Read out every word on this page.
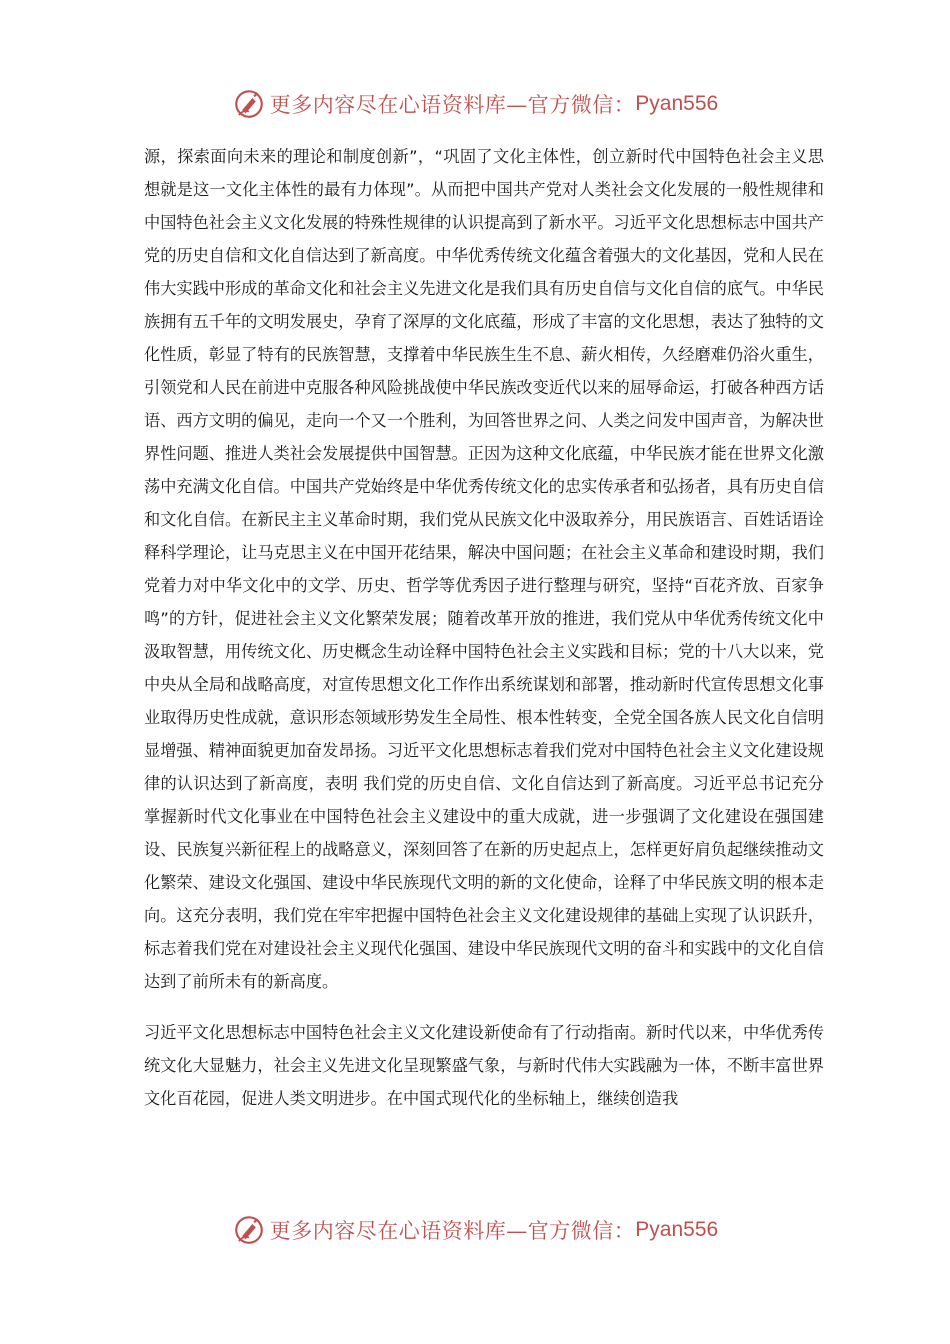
更多内容尽在心语资料库—官方微信： Pyan556

源，探索面向未来的理论和制度创新”，“巩固了文化主体性，创立新时代中国特色社会主义思想就是这一文化主体性的最有力体现”。从而把中国共产党对人类社会文化发展的一般性规律和中国特色社会主义文化发展的特殊性规律的认识提高到了新水平。习近平文化思想标志中国共产党的历史自信和文化自信达到了新高度。中华优秀传统文化蕴含着强大的文化基因，党和人民在伟大实践中形成的革命文化和社会主义先进文化是我们具有历史自信与文化自信的底气。中华民族拥有五千年的文明发展史，孕育了深厚的文化底蕴，形成了丰富的文化思想，表达了独特的文化性质，彰显了特有的民族智慧，支撑着中华民族生生不息、薪火相传，久经磨难仍浴火重生，引领党和人民在前进中克服各种风险挑战使中华民族改变近代以来的屈辱命运，打破各种西方话语、西方文明的偏见，走向一个又一个胜利，为回答世界之问、人类之问发中国声音，为解决世界性问题、推进人类社会发展提供中国智慧。正因为这种文化底蕴，中华民族才能在世界文化激荡中充满文化自信。中国共产党始终是中华优秀传统文化的忠实传承者和弘扬者，具有历史自信和文化自信。在新民主主义革命时期，我们党从民族文化中汲取养分，用民族语言、百姓话语诠释科学理论，让马克思主义在中国开花结果，解决中国问题；在社会主义革命和建设时期，我们党着力对中华文化中的文学、历史、哲学等优秀因子进行整理与研究，坚持“百花齐放、百家争鸣”的方针，促进社会主义文化繁荣发展；随着改革开放的推进，我们党从中华优秀传统文化中汲取智慧，用传统文化、历史概念生动诠释中国特色社会主义实践和目标；党的十八大以来，党中央从全局和战略高度，对宣传思想文化工作作出系统谋划和部署，推动新时代宣传思想文化事业取得历史性成就，意识形态领域形势发生全局性、根本性转变，全党全国各族人民文化自信明显增强、精神面貌更加奋发昂扬。习近平文化思想标志着我们党对中国特色社会主义文化建设规律的认识达到了新高度，表明 我们党的历史自信、文化自信达到了新高度。习近平总书记充分掌握新时代文化事业在中国特色社会主义建设中的重大成就，进一步强调了文化建设在强国建设、民族复兴新征程上的战略意义，深刻回答了在新的历史起点上，怎样更好肩负起继续推动文化繁荣、建设文化强国、建设中华民族现代文明的新的文化使命，诠释了中华民族文明的根本走向。这充分表明，我们党在牢牢把握中国特色社会主义文化建设规律的基础上实现了认识跃升，标志着我们党在对建设社会主义现代化强国、建设中华民族现代文明的奋斗和实践中的文化自信达到了前所未有的新高度。

习近平文化思想标志中国特色社会主义文化建设新使命有了行动指南。新时代以来，中华优秀传统文化大显魅力，社会主义先进文化呈现繁盛气象，与新时代伟大实践融为一体，不断丰富世界文化百花园，促进人类文明进步。在中国式现代化的坐标轴上，继续创造我

更多内容尽在心语资料库—官方微信： Pyan556
